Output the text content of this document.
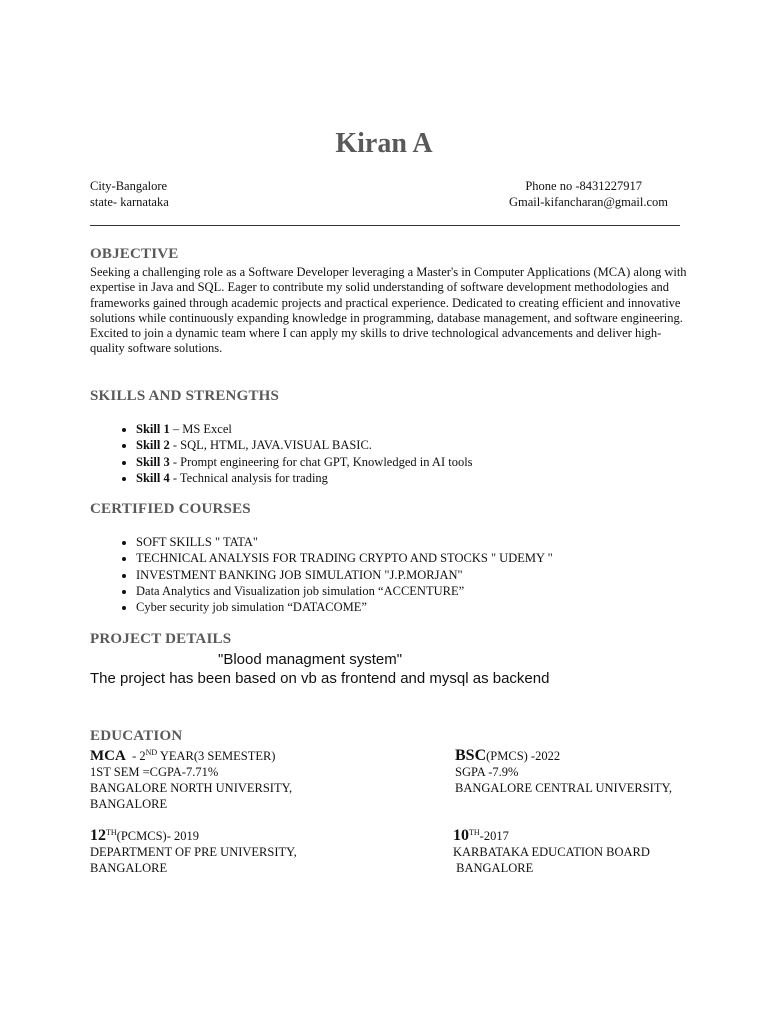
Kiran A
City-Bangalore
state- karnataka
Phone no -8431227917
Gmail-kifancharan@gmail.com
OBJECTIVE
Seeking a challenging role as a Software Developer leveraging a Master's in Computer Applications (MCA) along with expertise in Java and SQL. Eager to contribute my solid understanding of software development methodologies and frameworks gained through academic projects and practical experience. Dedicated to creating efficient and innovative solutions while continuously expanding knowledge in programming, database management, and software engineering. Excited to join a dynamic team where I can apply my skills to drive technological advancements and deliver high-quality software solutions.
SKILLS AND STRENGTHS
• Skill 1 – MS Excel
• Skill 2 - SQL, HTML, JAVA.VISUAL BASIC.
• Skill 3 - Prompt engineering for chat GPT, Knowledged in AI tools
• Skill 4 - Technical analysis for trading
CERTIFIED COURSES
• SOFT SKILLS " TATA"
• TECHNICAL ANALYSIS FOR TRADING CRYPTO AND STOCKS " UDEMY "
• INVESTMENT BANKING JOB SIMULATION "J.P.MORJAN"
• Data Analytics and Visualization job simulation “ACCENTURE”
• Cyber security job simulation “DATACOME”
PROJECT DETAILS
"Blood managment system"
The project has been based on vb as frontend and mysql as backend
EDUCATION
MCA  - 2ND YEAR(3 SEMESTER)
1ST SEM =CGPA-7.71%
BANGALORE NORTH UNIVERSITY,
BANGALORE
BSC(PMCS) -2022
SGPA -7.9%
BANGALORE CENTRAL UNIVERSITY,
12TH(PCMCS)- 2019
DEPARTMENT OF PRE UNIVERSITY,
BANGALORE
10TH-2017
KARBATAKA EDUCATION BOARD
BANGALORE
